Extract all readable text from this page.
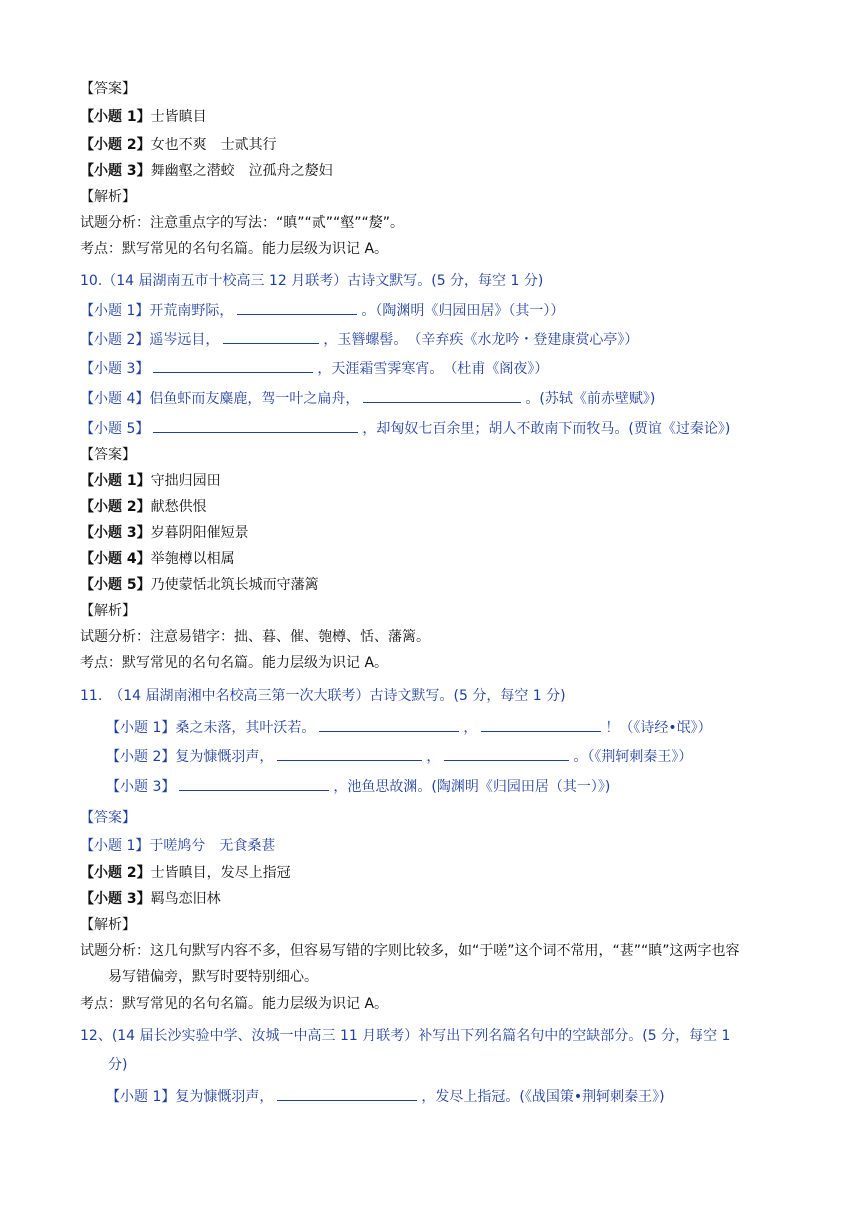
【答案】
【小题 1】士皆瞋目
【小题 2】女也不爽 士贰其行
【小题 3】舞幽壑之潜蛟 泣孤舟之嫠妇
【解析】
试题分析：注意重点字的写法：“瞋”“贰”“壑”“嫠”。
考点：默写常见的名句名篇。能力层级为识记 A。
10.（14 届湖南五市十校高三 12 月联考）古诗文默写。(5 分，每空 1 分)
【小题 1】开荒南野际，	。（陶渊明《归园田居》（其一））
【小题 2】遥岑远目，	，玉簪螺髻。　（辛弃疾《水龙吟・登建康赏心亭》）
【小题 3】	，天涯霜雪霁寒宵。　（杜甫《阁夜》）
【小题 4】侣鱼虾而友麋鹿，驾一叶之扁舟，	。(苏轼《前赤壁赋》)
【小题 5】	，却匈奴七百余里；胡人不敢南下而牧马。(贾谊《过秦论》)
【答案】
【小题 1】守拙归园田
【小题 2】献愁供恨
【小题 3】岁暮阴阳催短景
【小题 4】举匏樽以相属
【小题 5】乃使蒙恬北筑长城而守藩篱
【解析】
试题分析：注意易错字：拙、暮、催、匏樽、恬、藩篱。
考点：默写常见的名句名篇。能力层级为识记 A。
11.　（14 届湖南湘中名校高三第一次大联考）古诗文默写。(5 分，每空 1 分)
【小题 1】桑之未落，其叶沃若。	，	！（《诗经•氓》）
【小题 2】复为慷慨羽声，	，	。（《荆轲刺秦王》）
【小题 3】	，池鱼思故渊。(陶渊明《归园田居（其一）》)
【答案】
【小题 1】于嗟鸠兮 无食桑葚
【小题 2】士皆瞋目，发尽上指冠
【小题 3】羁鸟恋旧林
【解析】
试题分析：这几句默写内容不多，但容易写错的字则比较多，如“于嗟”这个词不常用，“葚”“瞋”这两字也容
易写错偏旁，默写时要特别细心。
考点：默写常见的名句名篇。能力层级为识记 A。
12、(14 届长沙实验中学、汝城一中高三 11 月联考）补写出下列名篇名句中的空缺部分。(5 分，每空 1
分)
【小题 1】复为慷慨羽声，	，发尽上指冠。(《战国策•荆轲刺秦王》)
